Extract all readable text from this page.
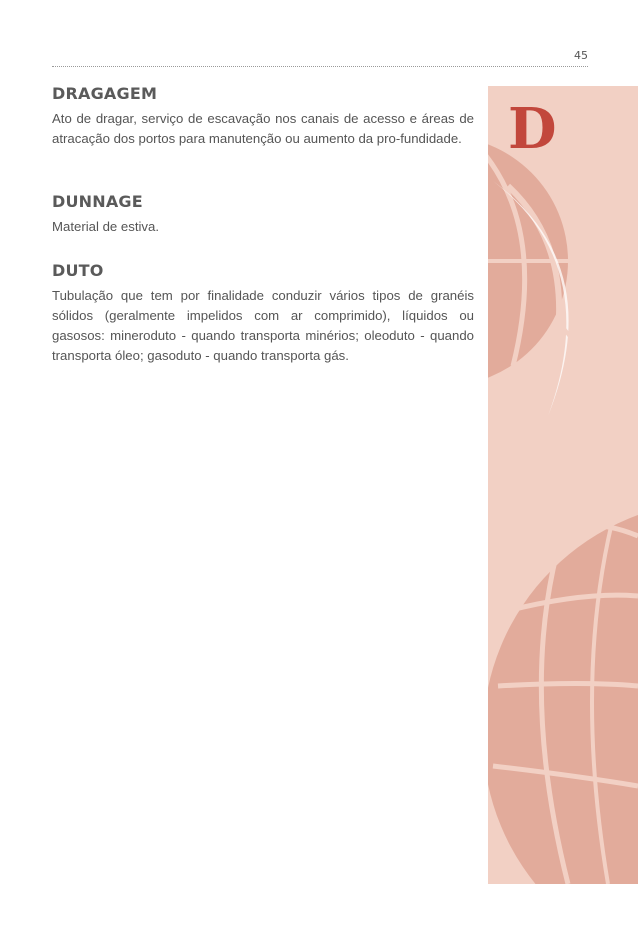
45
DRAGAGEM

Ato de dragar, serviço de escavação nos canais de acesso e áreas de atracação dos portos para manutenção ou aumento da pro-fundidade.

DUNNAGE

Material de estiva.

DUTO

Tubulação que tem por finalidade conduzir vários tipos de granéis sólidos (geralmente impelidos com ar comprimido), líquidos ou gasosos: mineroduto - quando transporta minérios; oleoduto - quando transporta óleo; gasoduto - quando transporta gás.

D
